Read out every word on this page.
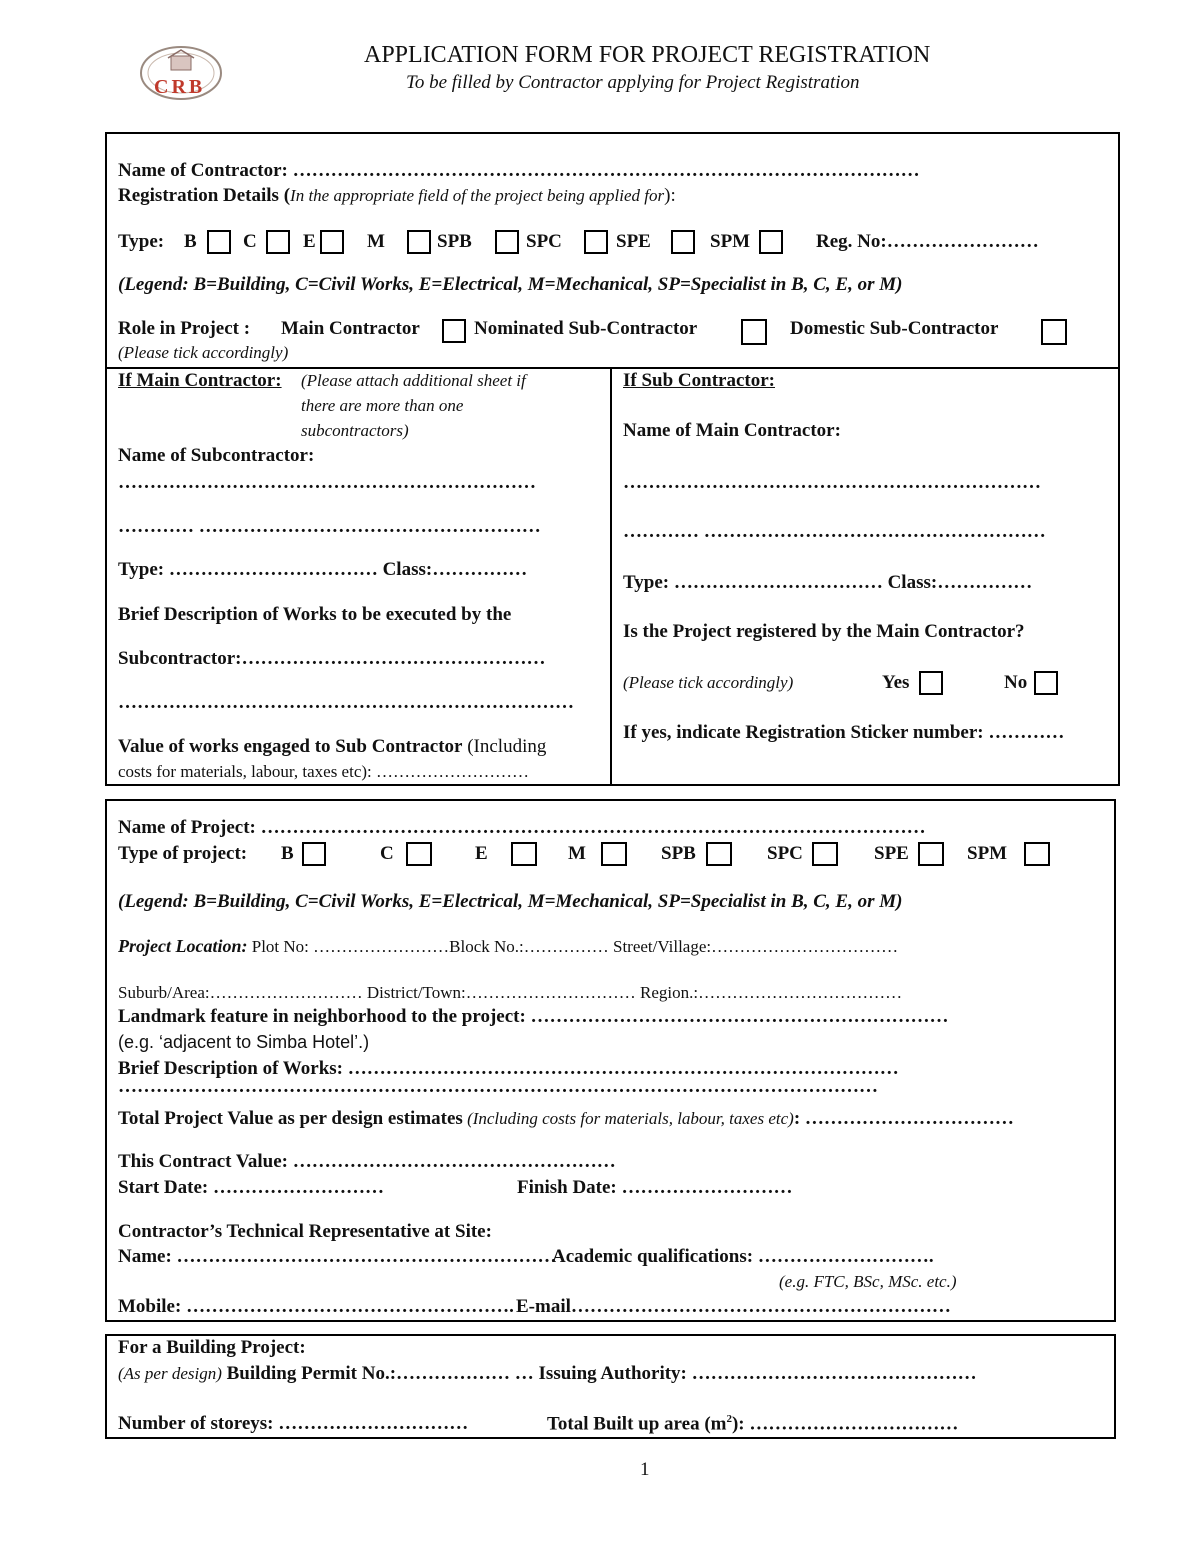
CRB
APPLICATION FORM FOR PROJECT REGISTRATION
To be filled by Contractor applying for Project Registration
Name of Contractor: ………………………………………………………………………………………
Registration Details (In the appropriate field of the project being applied for):
Type: B C E	M	SPB	SPC	SPE	SPM	Reg. No:……………………
(Legend: B=Building, C=Civil Works, E=Electrical, M=Mechanical, SP=Specialist in B, C, E, or M)
Role in Project : Main Contractor	Nominated Sub-Contractor	Domestic Sub-Contractor
(Please tick accordingly)
If Main Contractor: (Please attach additional sheet if
there are more than one
subcontractors)
Name of Subcontractor:
…………………………………………………………
………… ………………………………………………
Type: …………………………… Class:……………
Brief Description of Works to be executed by the
Subcontractor:…………………………………………
………………………………………………………………
Value of works engaged to Sub Contractor (Including
costs for materials, labour, taxes etc): ………………………
If Sub Contractor:
Name of Main Contractor:
…………………………………………………………
………… ………………………………………………
Type: …………………………… Class:……………
Is the Project registered by the Main Contractor?
(Please tick accordingly)	Yes	No
If yes, indicate Registration Sticker number: …………
Name of Project: ……………………………………………………………………………………………
Type of project: B	C	E	M	SPB	SPC	SPE	SPM
(Legend: B=Building, C=Civil Works, E=Electrical, M=Mechanical, SP=Specialist in B, C, E, or M)
Project Location: Plot No: ……………………Block No.:…………… Street/Village:……………………………
Suburb/Area:……………………… District/Town:………………………… Region.:………………………………
Landmark feature in neighborhood to the project: …………………………………………………………
(e.g. ‘adjacent to Simba Hotel’.)
Brief Description of Works: ……………………………………………………………………………
…………………………………………………………………………………………………………
Total Project Value as per design estimates (Including costs for materials, labour, taxes etc): ……………………………
This Contract Value: ……………………………………………
Start Date: ………………………	Finish Date: ………………………
Contractor’s Technical Representative at Site:
Name: ……………………………………………………
Academic qualifications: ……………………….
(e.g. FTC, BSc, MSc. etc.)
Mobile: ……………………………………………. E-mail……………………………………………………
For a Building Project:
(As per design) Building Permit No.:……………… … Issuing Authority: ………………………………………
Number of storeys: …………………………	Total Built up area $(m^2)$: ……………………………
1
